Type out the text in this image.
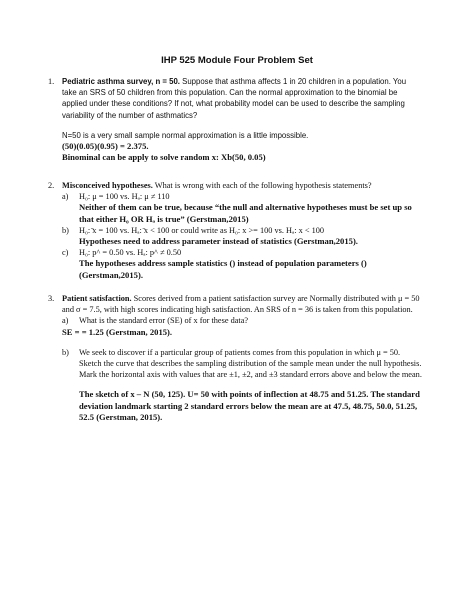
IHP 525 Module Four Problem Set
1. Pediatric asthma survey, n = 50. Suppose that asthma affects 1 in 20 children in a population. You take an SRS of 50 children from this population. Can the normal approximation to the binomial be applied under these conditions? If not, what probability model can be used to describe the sampling variability of the number of asthmatics?
N=50 is a very small sample normal approximation is a little impossible.
(50)(0.05)(0.95) = 2.375.
Binominal can be apply to solve random x: Xb(50, 0.05)
2. Misconceived hypotheses. What is wrong with each of the following hypothesis statements?
a) H₀: μ = 100 vs. Hₐ: μ ≠ 110
Neither of them can be true, because “the null and alternative hypotheses must be set up so that either H₀ OR Hₐ is true” (Gerstman,2015)
b) H₀: ̄x = 100 vs. Hₐ: ̄x < 100 or could write as H₀: x >= 100 vs. Hₐ: x < 100
Hypotheses need to address parameter instead of statistics (Gerstman,2015).
c) H₀: p^ = 0.50 vs. Hₐ: p^ ≠ 0.50
The hypotheses address sample statistics () instead of population parameters () (Gerstman,2015).
3. Patient satisfaction. Scores derived from a patient satisfaction survey are Normally distributed with μ = 50 and σ = 7.5, with high scores indicating high satisfaction. An SRS of n = 36 is taken from this population.
a) What is the standard error (SE) of x for these data?
SE = = 1.25 (Gerstman, 2015).
b) We seek to discover if a particular group of patients comes from this population in which μ = 50. Sketch the curve that describes the sampling distribution of the sample mean under the null hypothesis. Mark the horizontal axis with values that are ±1, ±2, and ±3 standard errors above and below the mean.
The sketch of x – N (50, 125). U= 50 with points of inflection at 48.75 and 51.25. The standard deviation landmark starting 2 standard errors below the mean are at 47.5, 48.75, 50.0, 51.25, 52.5 (Gerstman, 2015).
